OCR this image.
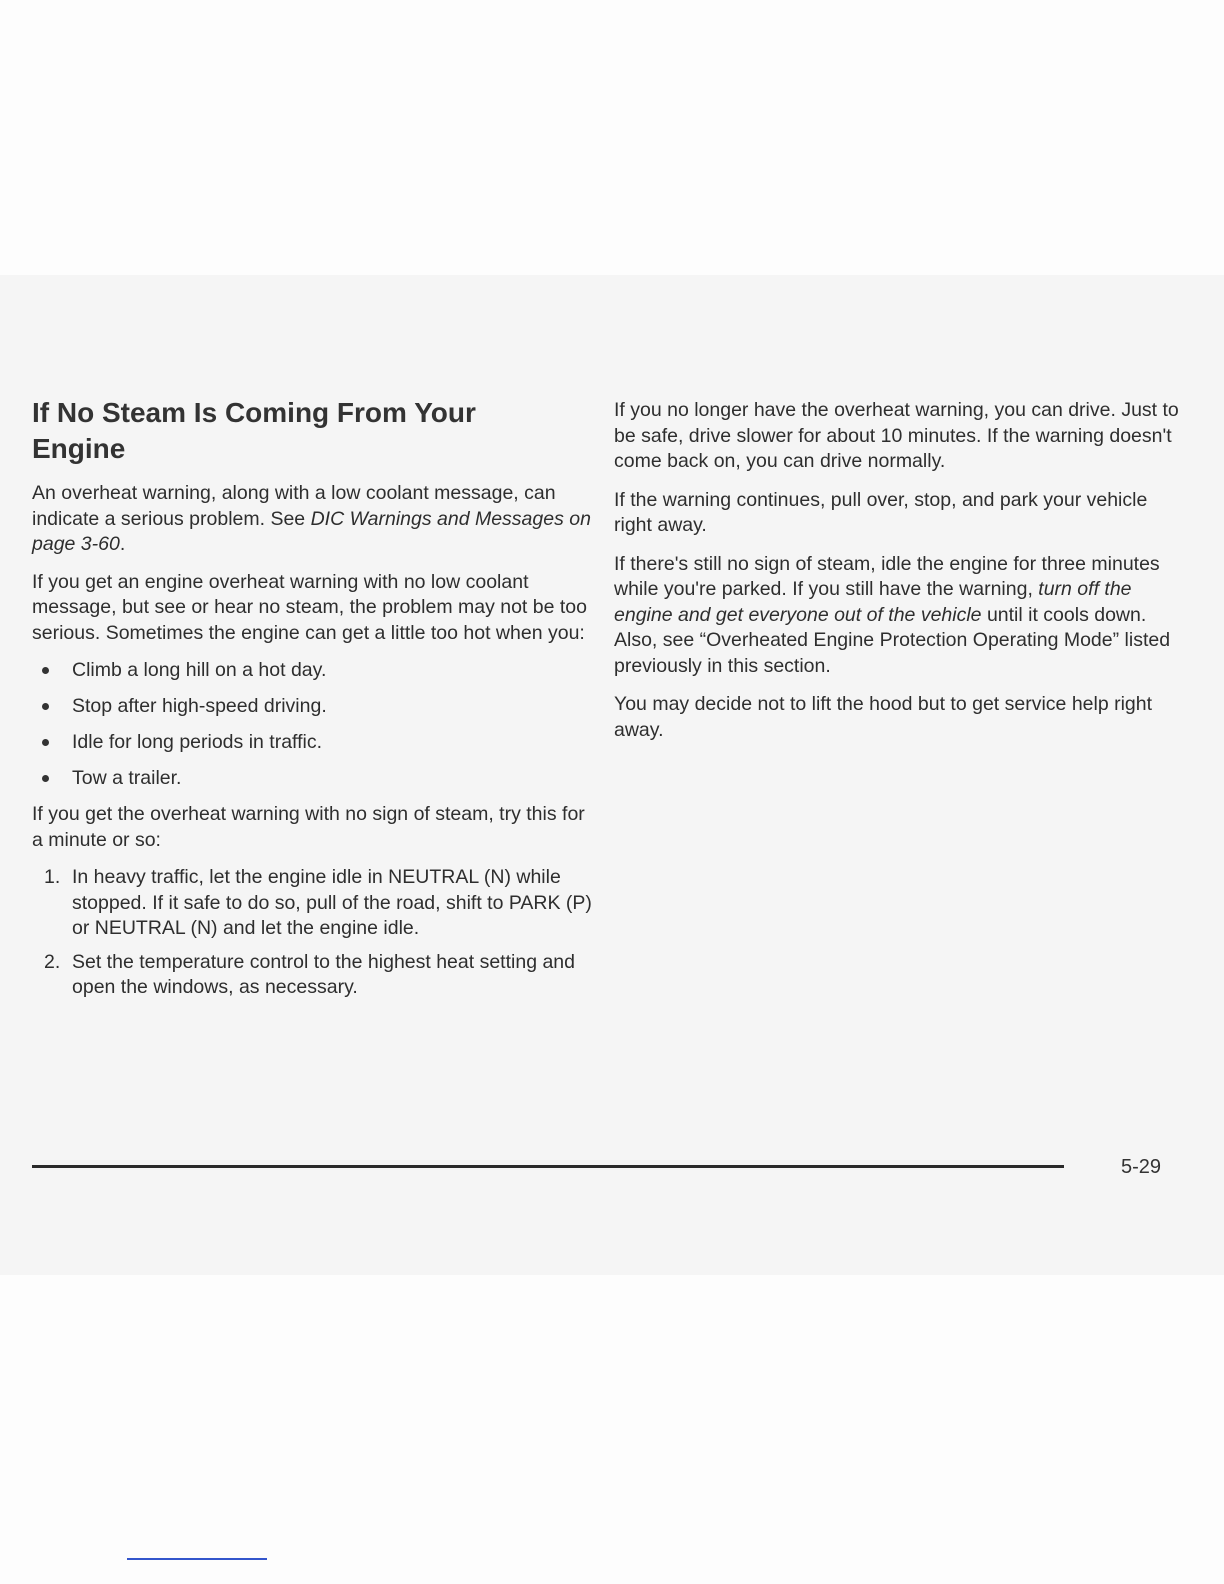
If No Steam Is Coming From Your
Engine

An overheat warning, along with a low coolant message, can indicate a serious problem. See DIC Warnings and Messages on page 3-60.

If you get an engine overheat warning with no low coolant message, but see or hear no steam, the problem may not be too serious. Sometimes the engine can get a little too hot when you:

Climb a long hill on a hot day.
Stop after high-speed driving.
Idle for long periods in traffic.
Tow a trailer.

If you get the overheat warning with no sign of steam, try this for a minute or so:

1. In heavy traffic, let the engine idle in NEUTRAL (N) while stopped. If it safe to do so, pull of the road, shift to PARK (P) or NEUTRAL (N) and let the engine idle.
2. Set the temperature control to the highest heat setting and open the windows, as necessary.

If you no longer have the overheat warning, you can drive. Just to be safe, drive slower for about 10 minutes. If the warning doesn't come back on, you can drive normally.

If the warning continues, pull over, stop, and park your vehicle right away.

If there's still no sign of steam, idle the engine for three minutes while you're parked. If you still have the warning, turn off the engine and get everyone out of the vehicle until it cools down. Also, see “Overheated Engine Protection Operating Mode” listed previously in this section.

You may decide not to lift the hood but to get service help right away.

5-29
